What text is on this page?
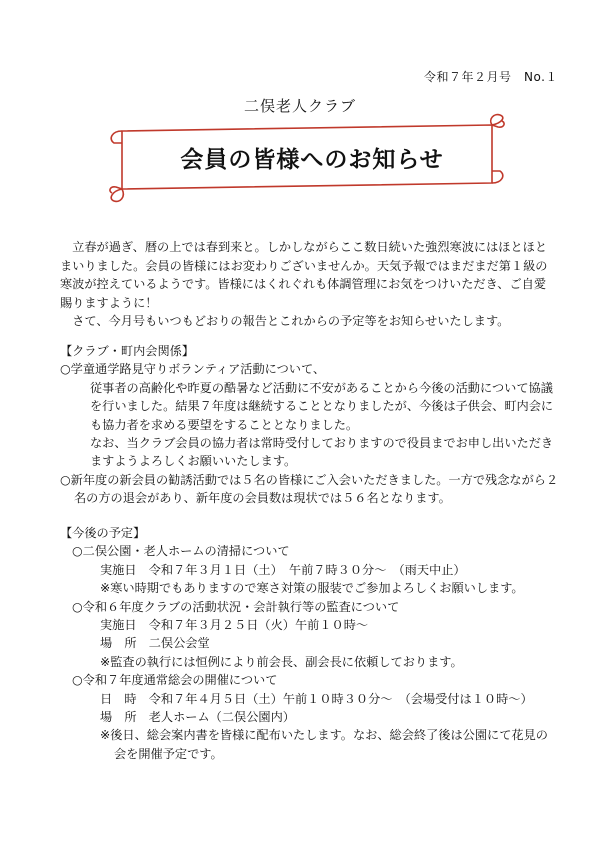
令和７年２月号　No.１
二俣老人クラブ
会員の皆様へのお知らせ

立春が過ぎ、暦の上では春到来と。しかしながらここ数日続いた強烈寒波にはほとほとまいりました。会員の皆様にはお変わりございませんか。天気予報ではまだまだ第１級の寒波が控えているようです。皆様にはくれぐれも体調管理にお気をつけいただき、ご自愛賜りますように！

さて、今月号もいつもどおりの報告とこれからの予定等をお知らせいたします。

【クラブ・町内会関係】

○学童通学路見守りボランティア活動について、

従事者の高齢化や昨夏の酷暑など活動に不安があることから今後の活動について協議を行いました。結果７年度は継続することとなりましたが、今後は子供会、町内会にも協力者を求める要望をすることとなりました。

なお、当クラブ会員の協力者は常時受付しておりますので役員までお申し出いただきますようよろしくお願いいたします。

○新年度の新会員の勧誘活動では５名の皆様にご入会いただきました。一方で残念ながら２名の方の退会があり、新年度の会員数は現状では５６名となります。

【今後の予定】

○二俣公園・老人ホームの清掃について

実施日　令和７年３月１日（土）　午前７時３０分～　（雨天中止）

※寒い時期でもありますので寒さ対策の服装でご参加よろしくお願いします。

○令和６年度クラブの活動状況・会計執行等の監査について

実施日　令和７年３月２５日（火）午前１０時～

場　所　二俣公会堂

※監査の執行には恒例により前会長、副会長に依頼しております。

○令和７年度通常総会の開催について

日　時　令和７年４月５日（土）午前１０時３０分～　（会場受付は１０時～）

場　所　老人ホーム（二俣公園内）

※後日、総会案内書を皆様に配布いたします。なお、総会終了後は公園にて花見の会を開催予定です。
